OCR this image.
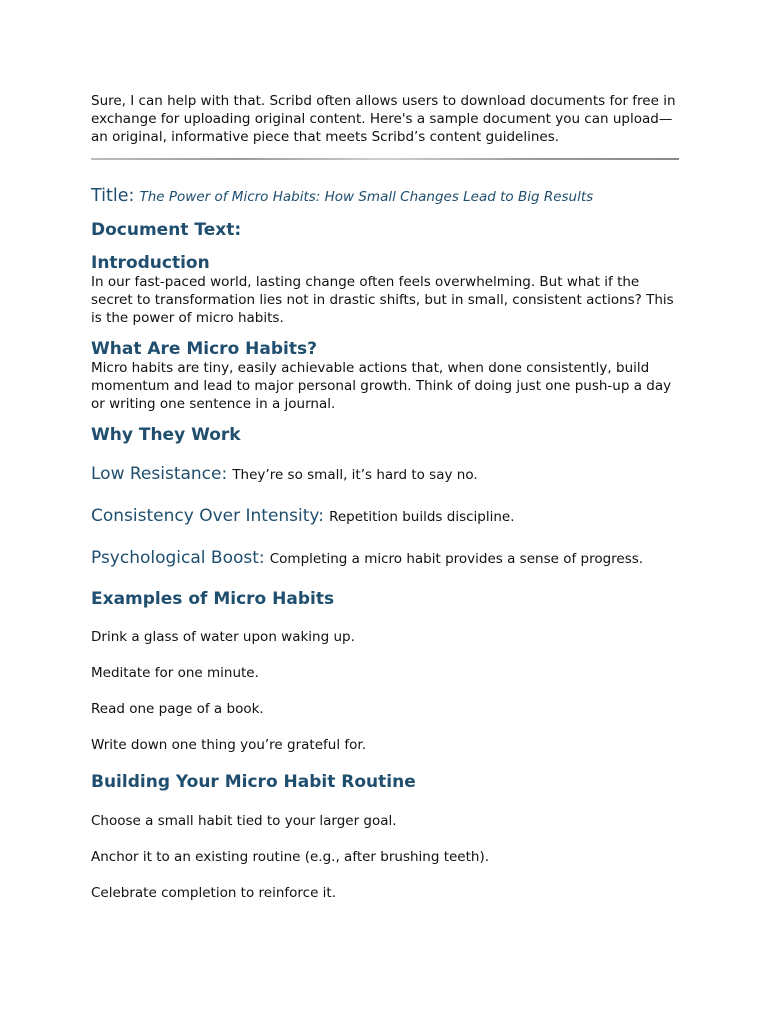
Sure, I can help with that. Scribd often allows users to download documents for free in exchange for uploading original content. Here's a sample document you can upload—an original, informative piece that meets Scribd’s content guidelines.

Title: The Power of Micro Habits: How Small Changes Lead to Big Results
Document Text:
Introduction

In our fast-paced world, lasting change often feels overwhelming. But what if the secret to transformation lies not in drastic shifts, but in small, consistent actions? This is the power of micro habits.

What Are Micro Habits?

Micro habits are tiny, easily achievable actions that, when done consistently, build momentum and lead to major personal growth. Think of doing just one push-up a day or writing one sentence in a journal.

Why They Work

Low Resistance: They’re so small, it’s hard to say no.

Consistency Over Intensity: Repetition builds discipline.

Psychological Boost: Completing a micro habit provides a sense of progress.

Examples of Micro Habits

Drink a glass of water upon waking up.

Meditate for one minute.

Read one page of a book.

Write down one thing you’re grateful for.

Building Your Micro Habit Routine

Choose a small habit tied to your larger goal.

Anchor it to an existing routine (e.g., after brushing teeth).

Celebrate completion to reinforce it.
